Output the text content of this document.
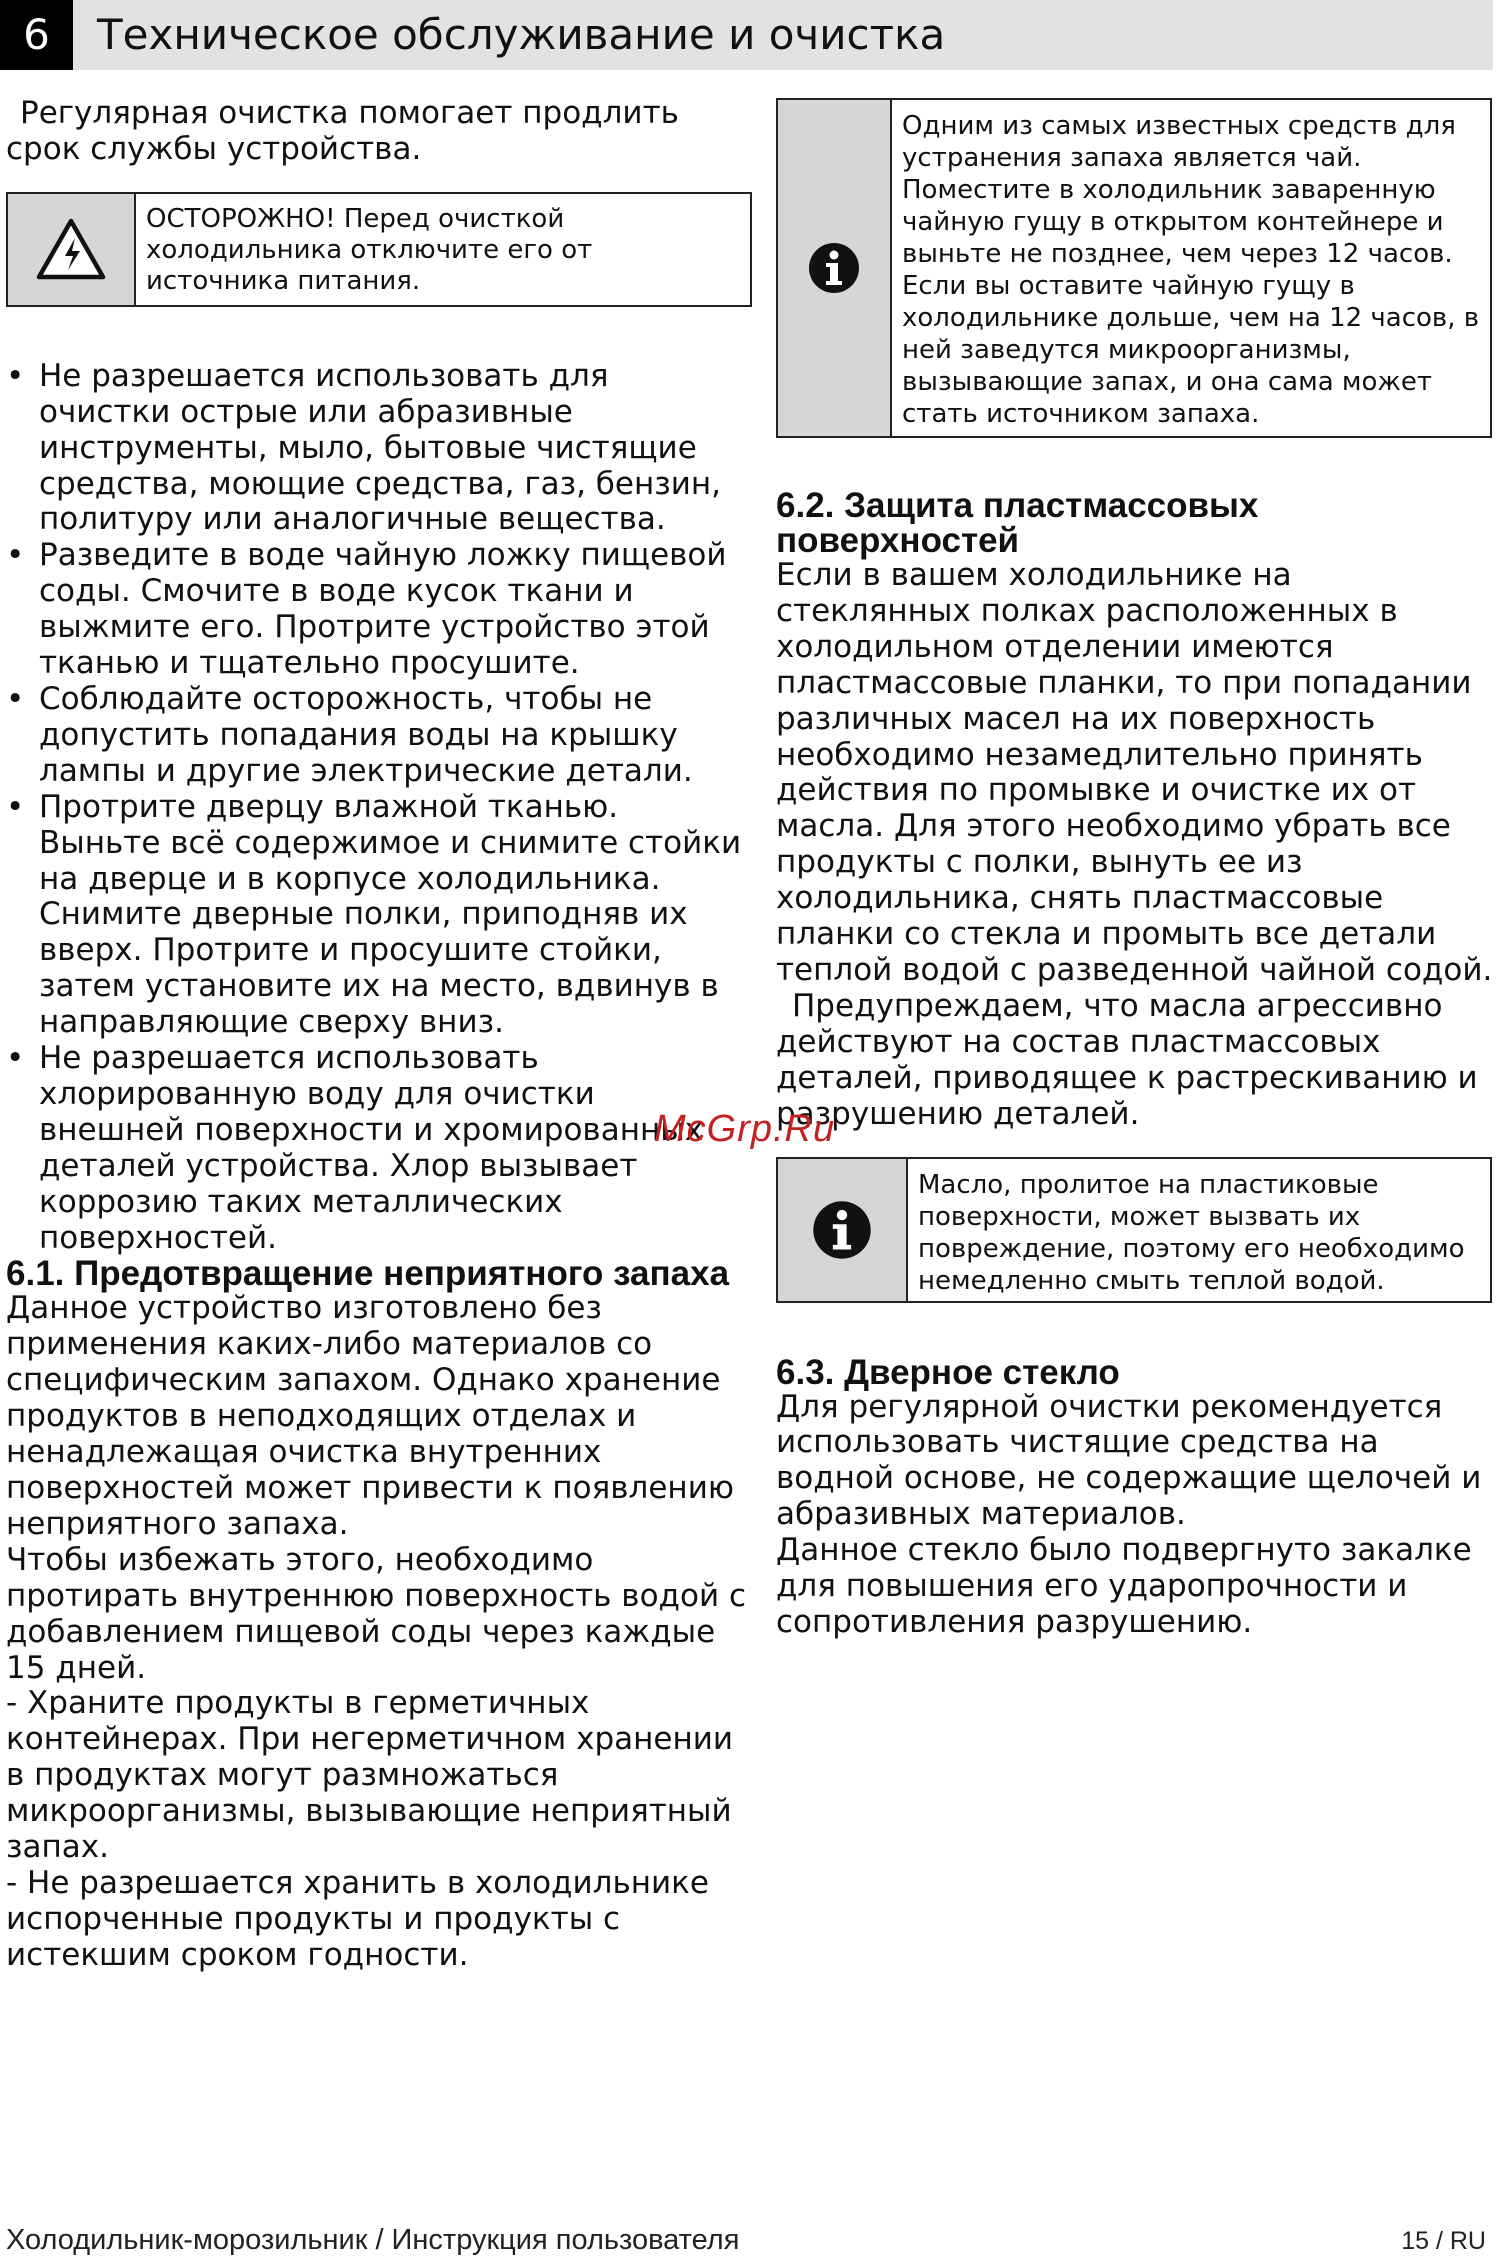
6	Техническое обслуживание и очистка

Регулярная очистка помогает продлить срок службы устройства.

ОСТОРОЖНО! Перед очисткой холодильника отключите его от источника питания.
• Не разрешается использовать для очистки острые или абразивные инструменты, мыло, бытовые чистящие средства, моющие средства, газ, бензин, политуру или аналогичные вещества.
• Разведите в воде чайную ложку пищевой соды. Смочите в воде кусок ткани и выжмите его. Протрите устройство этой тканью и тщательно просушите.
• Соблюдайте осторожность, чтобы не допустить попадания воды на крышку лампы и другие электрические детали.
• Протрите дверцу влажной тканью. Выньте всё содержимое и снимите стойки на дверце и в корпусе холодильника. Снимите дверные полки, приподняв их вверх. Протрите и просушите стойки, затем установите их на место, вдвинув в направляющие сверху вниз.
• Не разрешается использовать хлорированную воду для очистки внешней поверхности и хромированных деталей устройства. Хлор вызывает коррозию таких металлических поверхностей.
6.1. Предотвращение неприятного запаха

Данное устройство изготовлено без применения каких-либо материалов со специфическим запахом. Однако хранение продуктов в неподходящих отделах и ненадлежащая очистка внутренних поверхностей может привести к появлению неприятного запаха.

Чтобы избежать этого, необходимо протирать внутреннюю поверхность водой с добавлением пищевой соды через каждые 15 дней.

- Храните продукты в герметичных контейнерах. При негерметичном хранении в продуктах могут размножаться микроорганизмы, вызывающие неприятный запах.

- Не разрешается хранить в холодильнике испорченные продукты и продукты с истекшим сроком годности.

Одним из самых известных средств для устранения запаха является чай. Поместите в холодильник заваренную чайную гущу в открытом контейнере и выньте не позднее, чем через 12 часов. Если вы оставите чайную гущу в холодильнике дольше, чем на 12 часов, в ней заведутся микроорганизмы, вызывающие запах, и она сама может стать источником запаха.
6.2. Защита пластмассовых поверхностей

Если в вашем холодильнике на стеклянных полках расположенных в холодильном отделении имеются пластмассовые планки, то при попадании различных масел на их поверхность необходимо незамедлительно принять действия по промывке и очистке их от масла. Для этого необходимо убрать все продукты с полки, вынуть ее из холодильника, снять пластмассовые планки со стекла и промыть все детали теплой водой с разведенной чайной содой.

Предупреждаем, что масла агрессивно действуют на состав пластмассовых деталей, приводящее к растрескиванию и разрушению деталей.

Масло, пролитое на пластиковые поверхности, может вызвать их повреждение, поэтому его необходимо немедленно смыть теплой водой.
6.3. Дверное стекло

Для регулярной очистки рекомендуется использовать чистящие средства на водной основе, не содержащие щелочей и абразивных материалов.

Данное стекло было подвергнуто закалке для повышения его ударопрочности и сопротивления разрушению.

McGrp.Ru
Холодильник-морозильник / Инструкция пользователя	15 / RU
